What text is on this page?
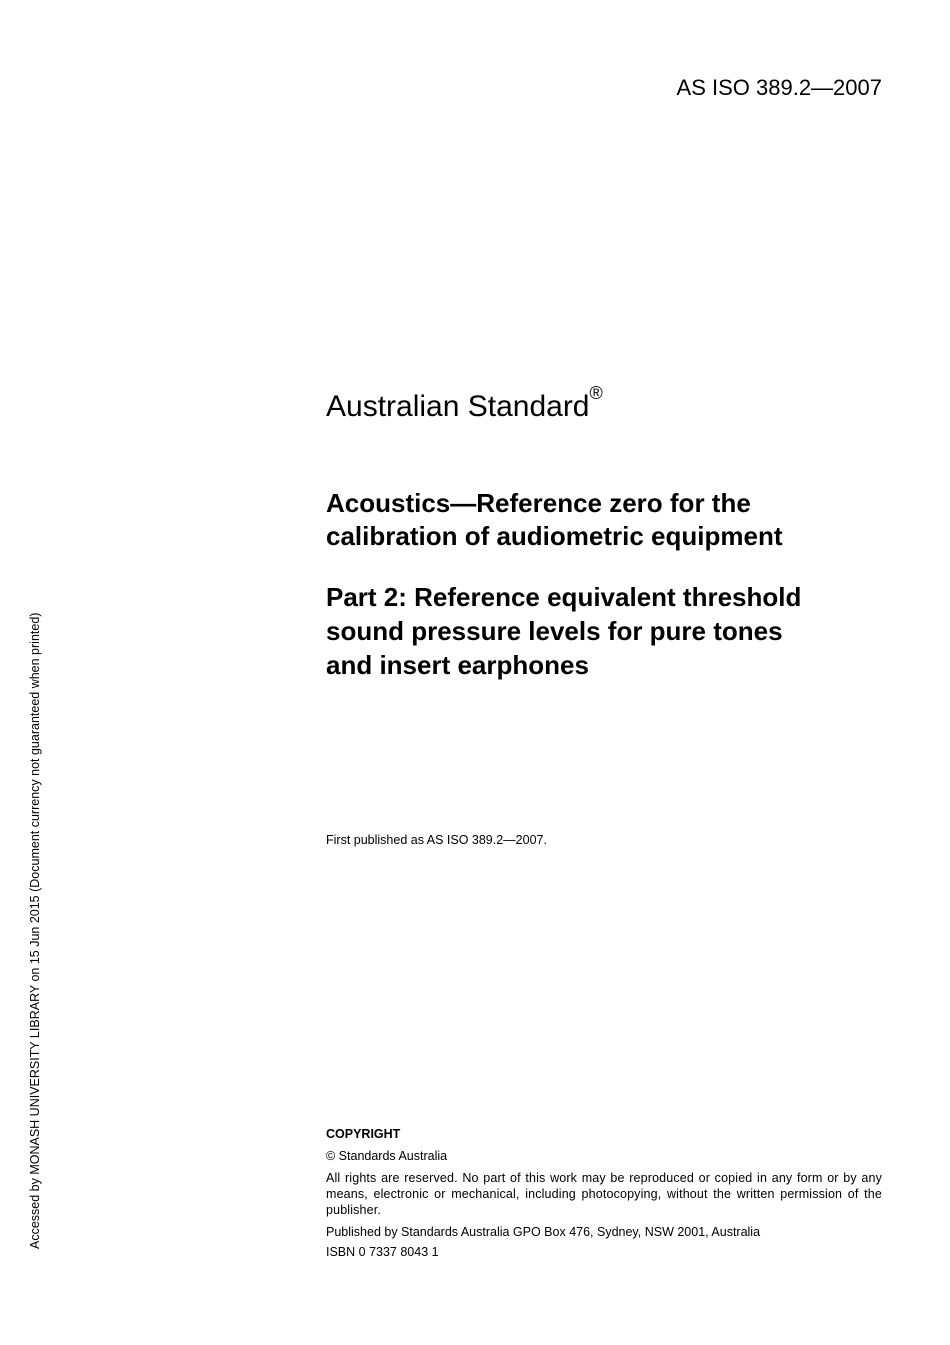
AS ISO 389.2—2007
Accessed by MONASH UNIVERSITY LIBRARY on 15 Jun 2015 (Document currency not guaranteed when printed)
Australian Standard®
Acoustics—Reference zero for the
calibration of audiometric equipment
Part 2: Reference equivalent threshold
sound pressure levels for pure tones
and insert earphones
First published as AS ISO 389.2—2007.
COPYRIGHT
© Standards Australia
All rights are reserved. No part of this work may be reproduced or copied in any form or by any means, electronic or mechanical, including photocopying, without the written permission of the publisher.
Published by Standards Australia GPO Box 476, Sydney, NSW 2001, Australia
ISBN 0 7337 8043 1
